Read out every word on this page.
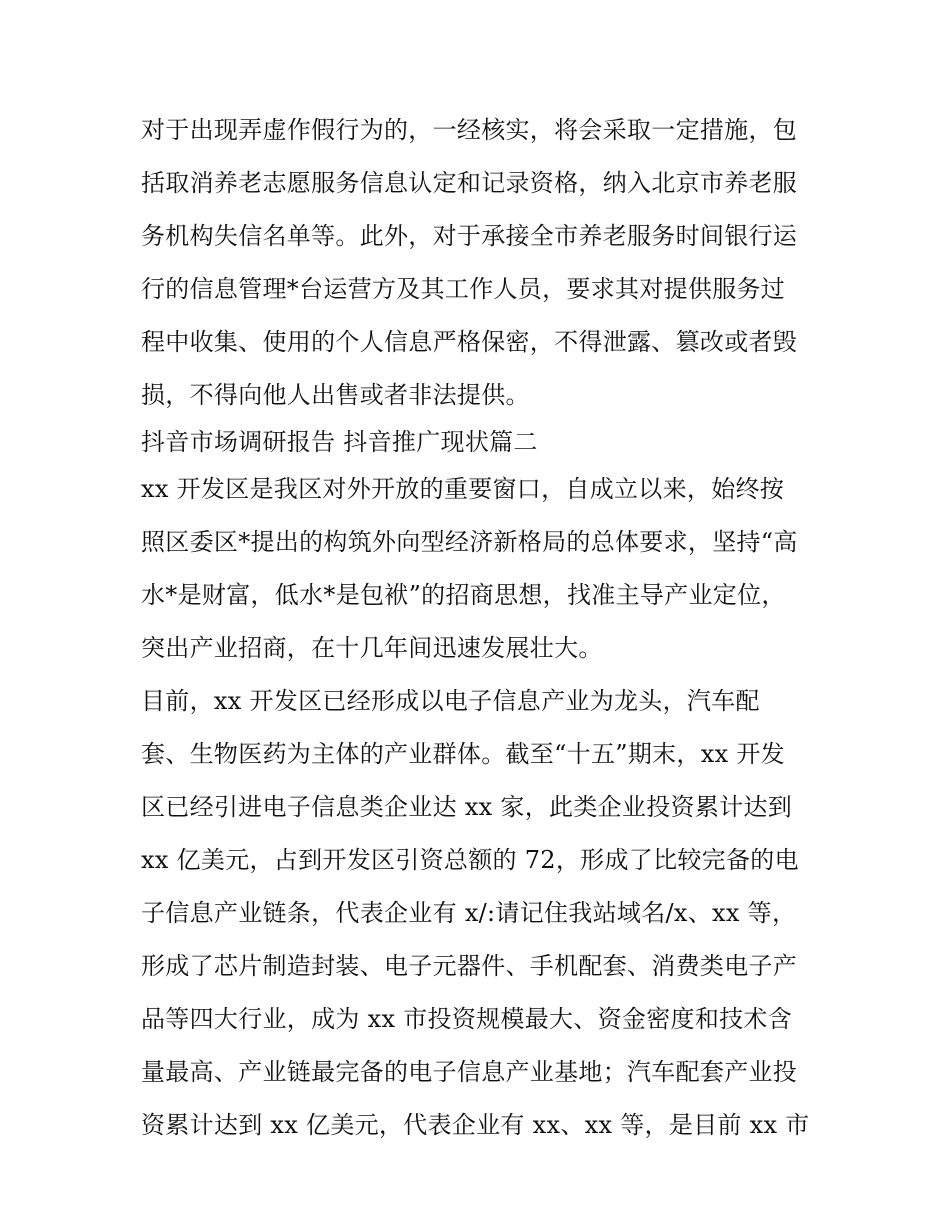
对于出现弄虚作假行为的，一经核实，将会采取一定措施，包
括取消养老志愿服务信息认定和记录资格，纳入北京市养老服
务机构失信名单等。此外，对于承接全市养老服务时间银行运
行的信息管理*台运营方及其工作人员，要求其对提供服务过
程中收集、使用的个人信息严格保密，不得泄露、篡改或者毁
损，不得向他人出售或者非法提供。
抖音市场调研报告 抖音推广现状篇二
xx 开发区是我区对外开放的重要窗口，自成立以来，始终按
照区委区*提出的构筑外向型经济新格局的总体要求，坚持“高
水*是财富，低水*是包袱”的招商思想，找准主导产业定位，
突出产业招商，在十几年间迅速发展壮大。
目前，xx 开发区已经形成以电子信息产业为龙头，汽车配
套、生物医药为主体的产业群体。截至“十五”期末，xx 开发
区已经引进电子信息类企业达 xx 家，此类企业投资累计达到
xx 亿美元，占到开发区引资总额的 72，形成了比较完备的电
子信息产业链条，代表企业有 x/:请记住我站域名/x、xx 等，
形成了芯片制造封装、电子元器件、手机配套、消费类电子产
品等四大行业，成为 xx 市投资规模最大、资金密度和技术含
量最高、产业链最完备的电子信息产业基地；汽车配套产业投
资累计达到 xx 亿美元，代表企业有 xx、xx 等，是目前 xx 市
